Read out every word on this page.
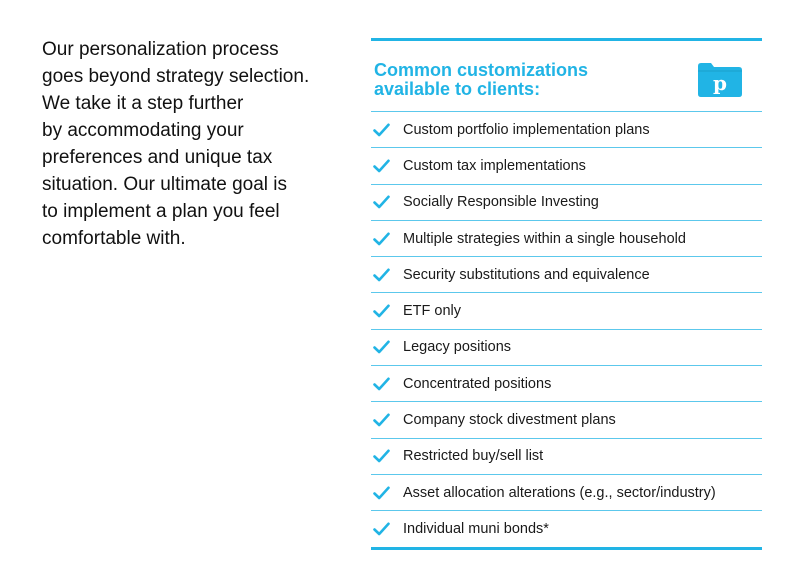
Our personalization process
goes beyond strategy selection.
We take it a step further
by accommodating your
preferences and unique tax
situation. Our ultimate goal is
to implement a plan you feel
comfortable with.

Common customizations
available to clients:	p
Custom portfolio implementation plans
Custom tax implementations
Socially Responsible Investing
Multiple strategies within a single household
Security substitutions and equivalence
ETF only
Legacy positions
Concentrated positions
Company stock divestment plans
Restricted buy/sell list
Asset allocation alterations (e.g., sector/industry)
Individual muni bonds*
